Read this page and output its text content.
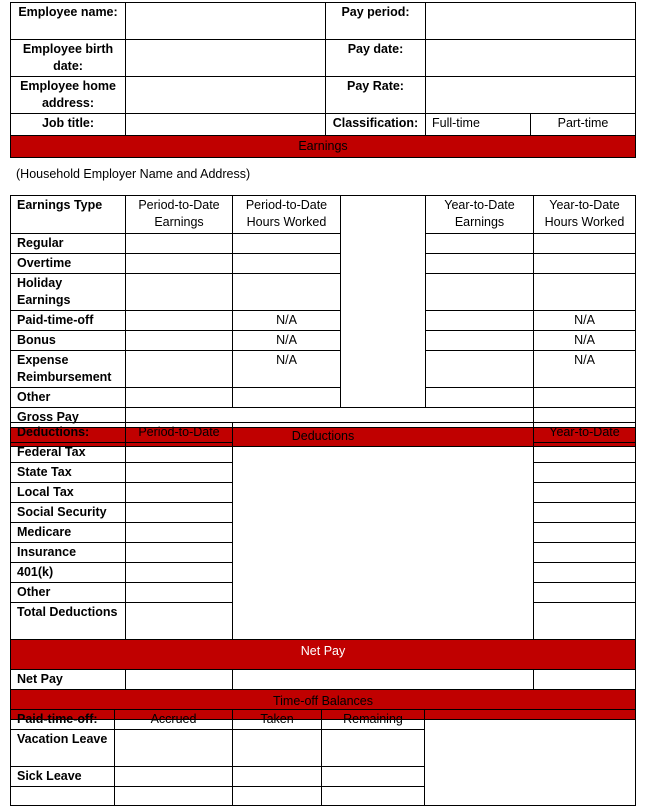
Employee name:		Pay period:		
Employee birth date:		Pay date:		
Employee home address:		Pay Rate:		
Job title:		Classification:	Full-time	Part-time
Earnings				
(Household Employer Name and Address)
Earnings Type	Period-to-Date Earnings	Period-to-Date Hours Worked		Year-to-Date Earnings	Year-to-Date Hours Worked
Regular					
Overtime					
Holiday Earnings					
Paid-time-off		N/A			N/A
Bonus		N/A			N/A
Expense Reimbursement		N/A			N/A
Other					
Gross Pay					
Deductions					
Deductions:	Period-to-Date		Year-to-Date
Federal Tax			
State Tax			
Local Tax			
Social Security			
Medicare			
Insurance			
401(k)			
Other			
Total Deductions			
Net Pay			
Net Pay			
Time-off Balances			
Paid-time-off:	Accrued	Taken	Remaining	
Vacation Leave				
Sick Leave				
